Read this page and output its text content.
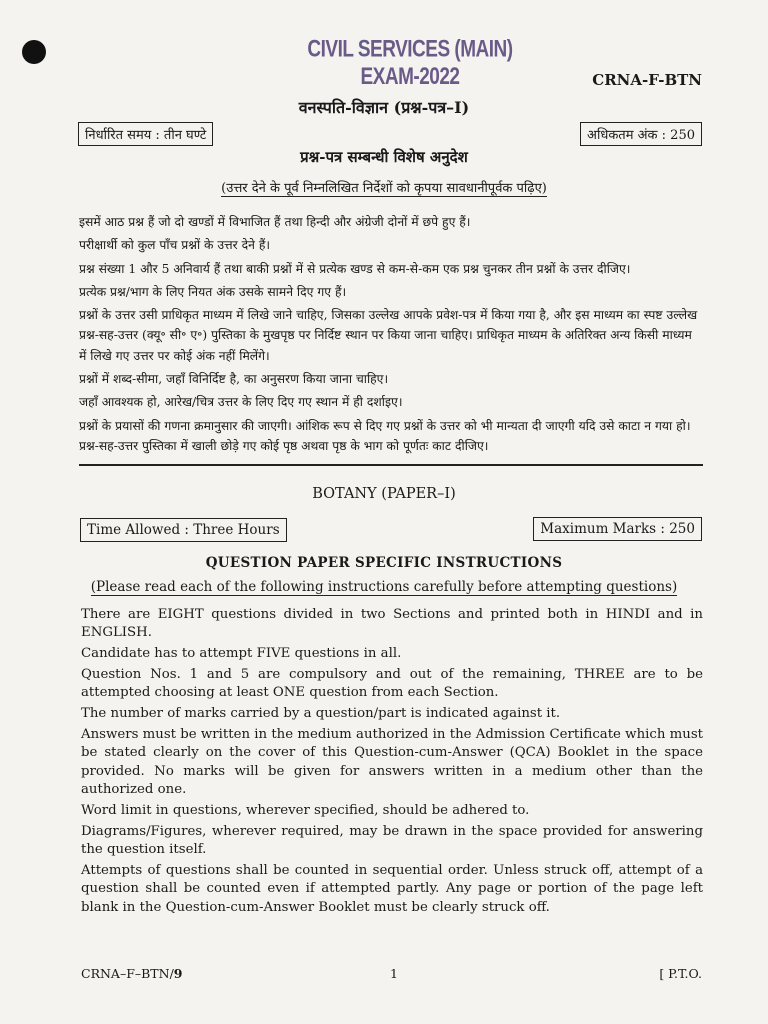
CIVIL SERVICES (MAIN) EXAM-2022	CRNA-F-BTN
वनस्पति-विज्ञान (प्रश्न-पत्र–I)
निर्धारित समय : तीन घण्टे	अधिकतम अंक : 250
प्रश्न-पत्र सम्बन्धी विशेष अनुदेश
(उत्तर देने के पूर्व निम्नलिखित निर्देशों को कृपया सावधानीपूर्वक पढ़िए)

इसमें आठ प्रश्न हैं जो दो खण्डों में विभाजित हैं तथा हिन्दी और अंग्रेजी दोनों में छपे हुए हैं।

परीक्षार्थी को कुल पाँच प्रश्नों के उत्तर देने हैं।

प्रश्न संख्या 1 और 5 अनिवार्य हैं तथा बाकी प्रश्नों में से प्रत्येक खण्ड से कम-से-कम एक प्रश्न चुनकर तीन प्रश्नों के उत्तर दीजिए।

प्रत्येक प्रश्न/भाग के लिए नियत अंक उसके सामने दिए गए हैं।

प्रश्नों के उत्तर उसी प्राधिकृत माध्यम में लिखे जाने चाहिए, जिसका उल्लेख आपके प्रवेश-पत्र में किया गया है, और इस माध्यम का स्पष्ट उल्लेख प्रश्न-सह-उत्तर (क्यू॰ सी॰ ए॰) पुस्तिका के मुखपृष्ठ पर निर्दिष्ट स्थान पर किया जाना चाहिए। प्राधिकृत माध्यम के अतिरिक्त अन्य किसी माध्यम में लिखे गए उत्तर पर कोई अंक नहीं मिलेंगे।

प्रश्नों में शब्द-सीमा, जहाँ विनिर्दिष्ट है, का अनुसरण किया जाना चाहिए।

जहाँ आवश्यक हो, आरेख/चित्र उत्तर के लिए दिए गए स्थान में ही दर्शाइए।

प्रश्नों के प्रयासों की गणना क्रमानुसार की जाएगी। आंशिक रूप से दिए गए प्रश्नों के उत्तर को भी मान्यता दी जाएगी यदि उसे काटा न गया हो। प्रश्न-सह-उत्तर पुस्तिका में खाली छोड़े गए कोई पृष्ठ अथवा पृष्ठ के भाग को पूर्णतः काट दीजिए।

BOTANY (PAPER–I)
Time Allowed : Three Hours	Maximum Marks : 250
QUESTION PAPER SPECIFIC INSTRUCTIONS
(Please read each of the following instructions carefully before attempting questions)

There are EIGHT questions divided in two Sections and printed both in HINDI and in ENGLISH.

Candidate has to attempt FIVE questions in all.

Question Nos. 1 and 5 are compulsory and out of the remaining, THREE are to be attempted choosing at least ONE question from each Section.

The number of marks carried by a question/part is indicated against it.

Answers must be written in the medium authorized in the Admission Certificate which must be stated clearly on the cover of this Question-cum-Answer (QCA) Booklet in the space provided. No marks will be given for answers written in a medium other than the authorized one.

Word limit in questions, wherever specified, should be adhered to.

Diagrams/Figures, wherever required, may be drawn in the space provided for answering the question itself.

Attempts of questions shall be counted in sequential order. Unless struck off, attempt of a question shall be counted even if attempted partly. Any page or portion of the page left blank in the Question-cum-Answer Booklet must be clearly struck off.

CRNA–F–BTN/9	1	[ P.T.O.
